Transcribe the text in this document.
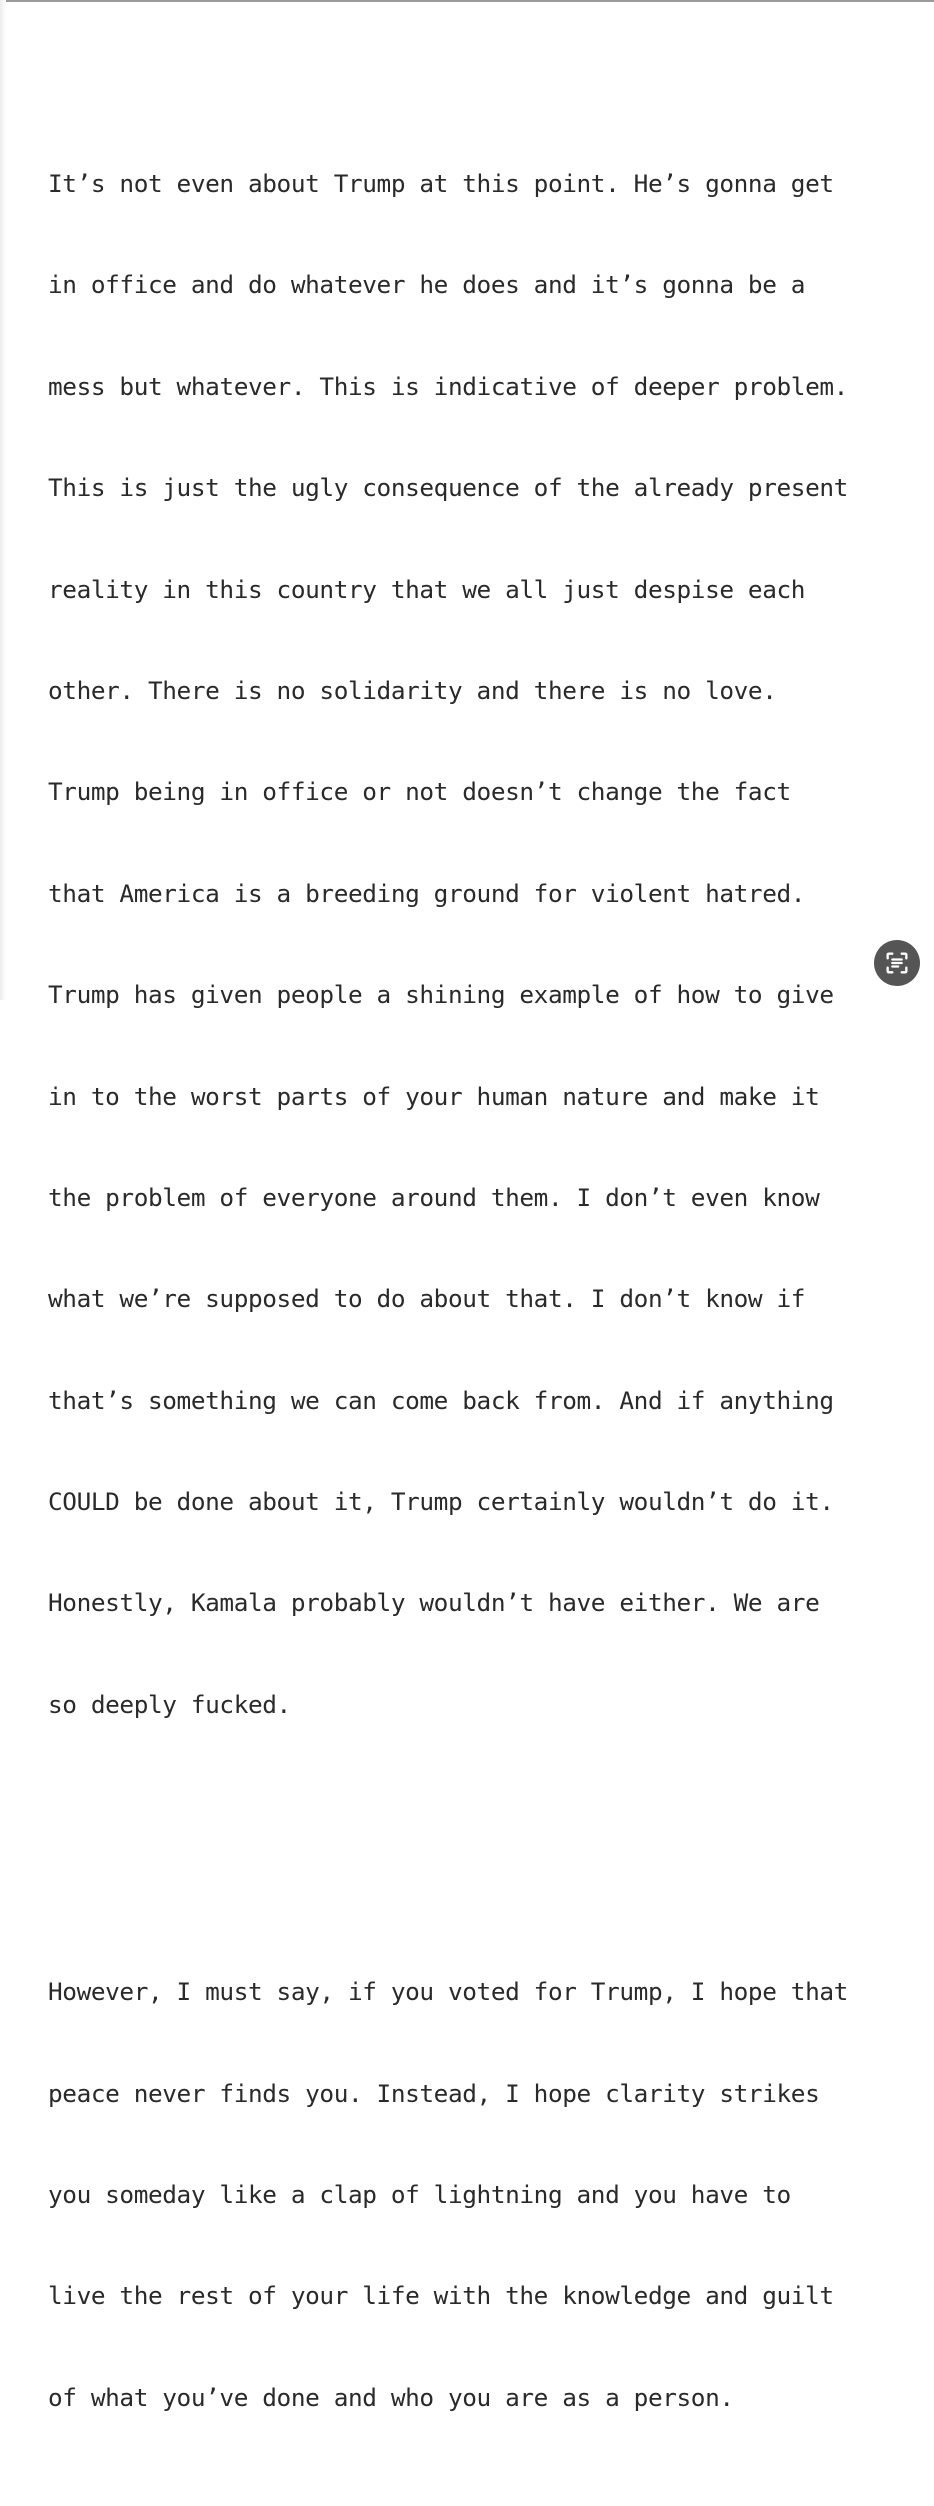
It’s not even about Trump at this point. He’s gonna get

in office and do whatever he does and it’s gonna be a

mess but whatever. This is indicative of deeper problem.

This is just the ugly consequence of the already present

reality in this country that we all just despise each

other. There is no solidarity and there is no love.

Trump being in office or not doesn’t change the fact

that America is a breeding ground for violent hatred.

Trump has given people a shining example of how to give

in to the worst parts of your human nature and make it

the problem of everyone around them. I don’t even know

what we’re supposed to do about that. I don’t know if

that’s something we can come back from. And if anything

COULD be done about it, Trump certainly wouldn’t do it.

Honestly, Kamala probably wouldn’t have either. We are

so deeply fucked.

However, I must say, if you voted for Trump, I hope that

peace never finds you. Instead, I hope clarity strikes

you someday like a clap of lightning and you have to

live the rest of your life with the knowledge and guilt

of what you’ve done and who you are as a person.
